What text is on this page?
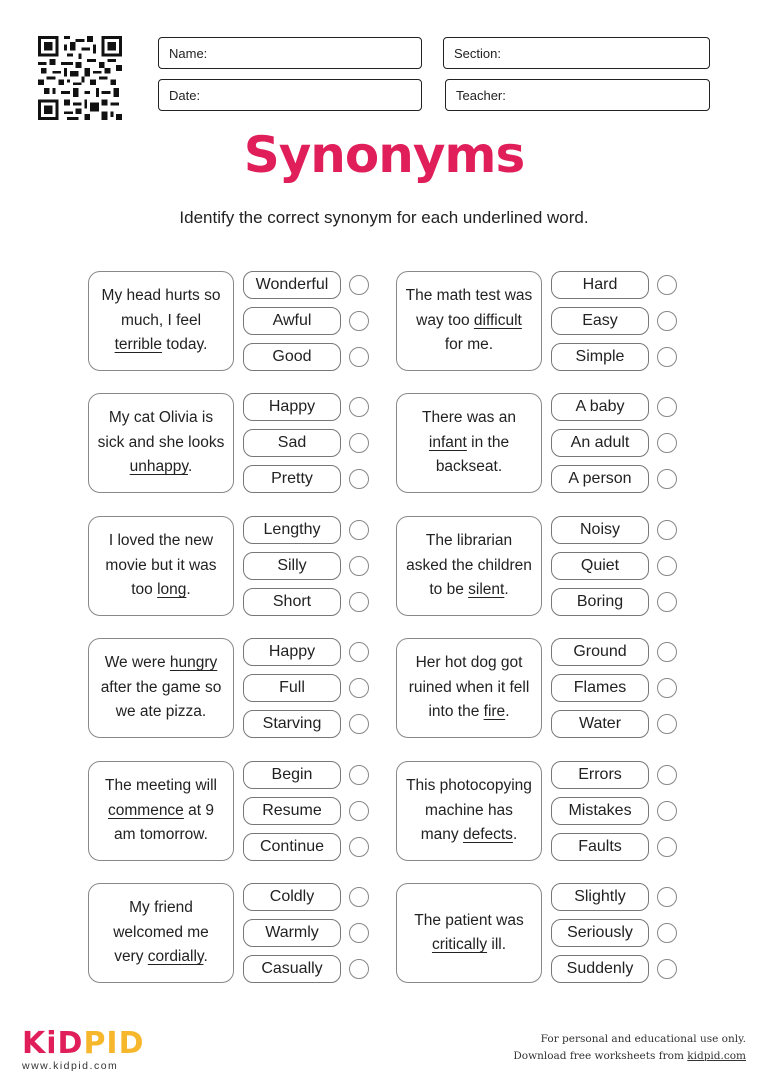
Name:	Section:
Date:	Teacher:
Synonyms
Identify the correct synonym for each underlined word.
My head hurts so much, I feel terrible today.
Wonderful
Awful
Good
The math test was way too difficult for me.
Hard
Easy
Simple
My cat Olivia is sick and she looks unhappy.
Happy
Sad
Pretty
There was an infant in the backseat.
A baby
An adult
A person
I loved the new movie but it was too long.
Lengthy
Silly
Short
The librarian asked the children to be silent.
Noisy
Quiet
Boring
We were hungry after the game so we ate pizza.
Happy
Full
Starving
Her hot dog got ruined when it fell into the fire.
Ground
Flames
Water
The meeting will commence at 9 am tomorrow.
Begin
Resume
Continue
This photocopying machine has many defects.
Errors
Mistakes
Faults
My friend welcomed me very cordially.
Coldly
Warmly
Casually
The patient was critically ill.
Slightly
Seriously
Suddenly
KiDPID
www.kidpid.com
For personal and educational use only.
Download free worksheets from kidpid.com
